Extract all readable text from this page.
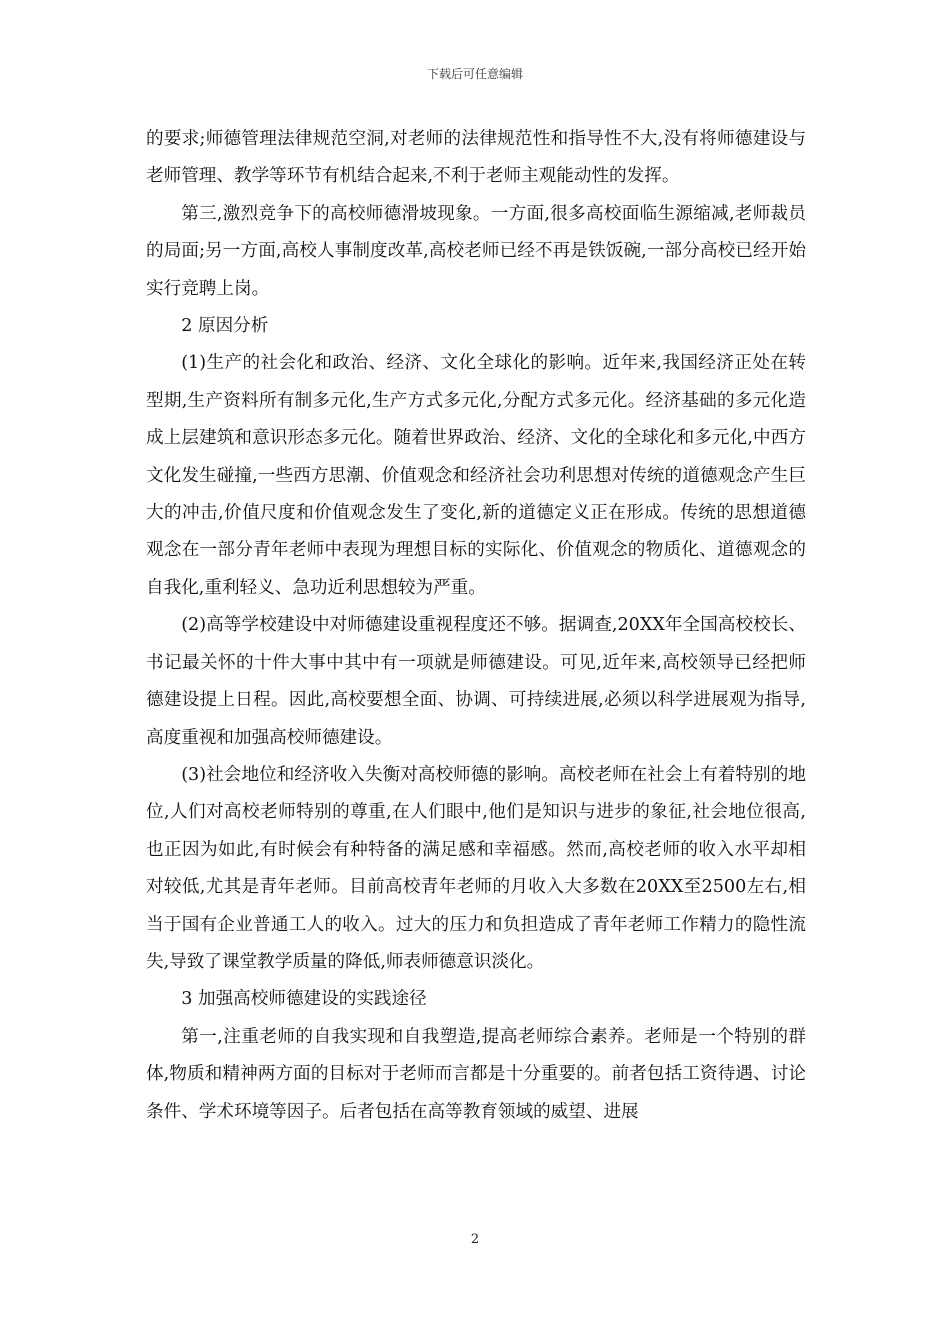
下载后可任意编辑

的要求;师德管理法律规范空洞,对老师的法律规范性和指导性不大,没有将师德建设与老师管理、教学等环节有机结合起来,不利于老师主观能动性的发挥。

第三,激烈竞争下的高校师德滑坡现象。一方面,很多高校面临生源缩减,老师裁员的局面;另一方面,高校人事制度改革,高校老师已经不再是铁饭碗,一部分高校已经开始实行竞聘上岗。

2 原因分析

(1)生产的社会化和政治、经济、文化全球化的影响。近年来,我国经济正处在转型期,生产资料所有制多元化,生产方式多元化,分配方式多元化。经济基础的多元化造成上层建筑和意识形态多元化。随着世界政治、经济、文化的全球化和多元化,中西方文化发生碰撞,一些西方思潮、价值观念和经济社会功利思想对传统的道德观念产生巨大的冲击,价值尺度和价值观念发生了变化,新的道德定义正在形成。传统的思想道德观念在一部分青年老师中表现为理想目标的实际化、价值观念的物质化、道德观念的自我化,重利轻义、急功近利思想较为严重。

(2)高等学校建设中对师德建设重视程度还不够。据调查,20XX年全国高校校长、书记最关怀的十件大事中其中有一项就是师德建设。可见,近年来,高校领导已经把师德建设提上日程。因此,高校要想全面、协调、可持续进展,必须以科学进展观为指导,高度重视和加强高校师德建设。

(3)社会地位和经济收入失衡对高校师德的影响。高校老师在社会上有着特别的地位,人们对高校老师特别的尊重,在人们眼中,他们是知识与进步的象征,社会地位很高,也正因为如此,有时候会有种特备的满足感和幸福感。然而,高校老师的收入水平却相对较低,尤其是青年老师。目前高校青年老师的月收入大多数在20XX至2500左右,相当于国有企业普通工人的收入。过大的压力和负担造成了青年老师工作精力的隐性流失,导致了课堂教学质量的降低,师表师德意识淡化。

3 加强高校师德建设的实践途径

第一,注重老师的自我实现和自我塑造,提高老师综合素养。老师是一个特别的群体,物质和精神两方面的目标对于老师而言都是十分重要的。前者包括工资待遇、讨论条件、学术环境等因子。后者包括在高等教育领域的威望、进展

2
